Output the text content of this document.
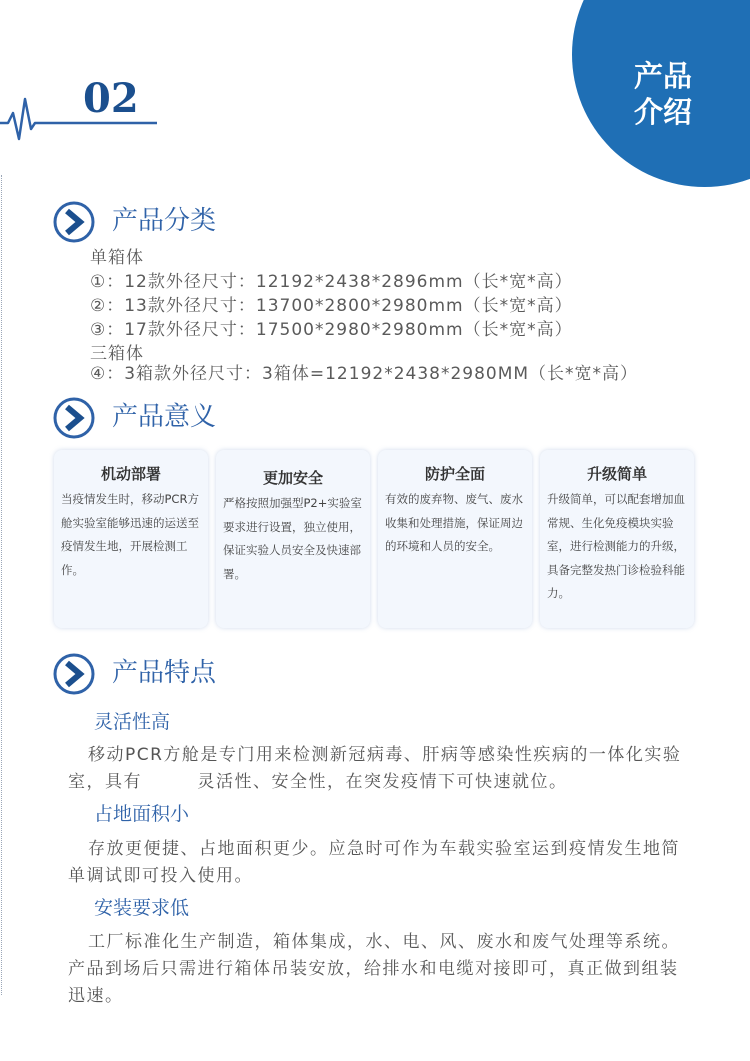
产品
介绍
02
产品分类
单箱体
①：12款外径尺寸：12192*2438*2896mm（长*宽*高）
②：13款外径尺寸：13700*2800*2980mm（长*宽*高）
③：17款外径尺寸：17500*2980*2980mm（长*宽*高）
三箱体
④：3箱款外径尺寸：3箱体=12192*2438*2980MM（长*宽*高）
产品意义
机动部署
当疫情发生时，移动PCR方舱实验室能够迅速的运送至疫情发生地，开展检测工作。
更加安全
严格按照加强型P2+实验室要求进行设置，独立使用，保证实验人员安全及快速部署。
防护全面
有效的废弃物、废气、废水收集和处理措施，保证周边的环境和人员的安全。
升级简单
升级简单，可以配套增加血常规、生化免疫模块实验室，进行检测能力的升级，具备完整发热门诊检验科能力。
产品特点
灵活性高
移动PCR方舱是专门用来检测新冠病毒、肝病等感染性疾病的一体化实验室，具有　　　灵活性、安全性，在突发疫情下可快速就位。
占地面积小
存放更便捷、占地面积更少。应急时可作为车载实验室运到疫情发生地简单调试即可投入使用。
安装要求低
工厂标准化生产制造，箱体集成，水、电、风、废水和废气处理等系统。产品到场后只需进行箱体吊装安放，给排水和电缆对接即可，真正做到组装迅速。
